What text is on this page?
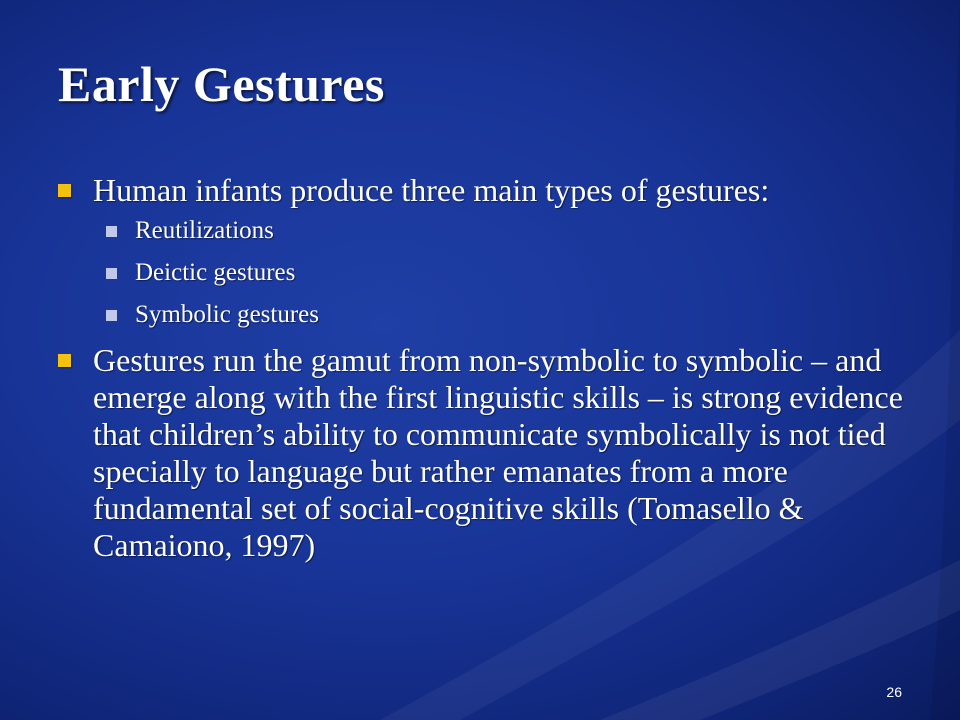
Early Gestures
Human infants produce three main types of gestures:
Reutilizations
Deictic gestures
Symbolic gestures
Gestures run the gamut from non-symbolic to symbolic – and emerge along with the first linguistic skills – is strong evidence that children’s ability to communicate symbolically is not tied specially to language but rather emanates from a more fundamental set of social-cognitive skills (Tomasello & Camaiono, 1997)
26
